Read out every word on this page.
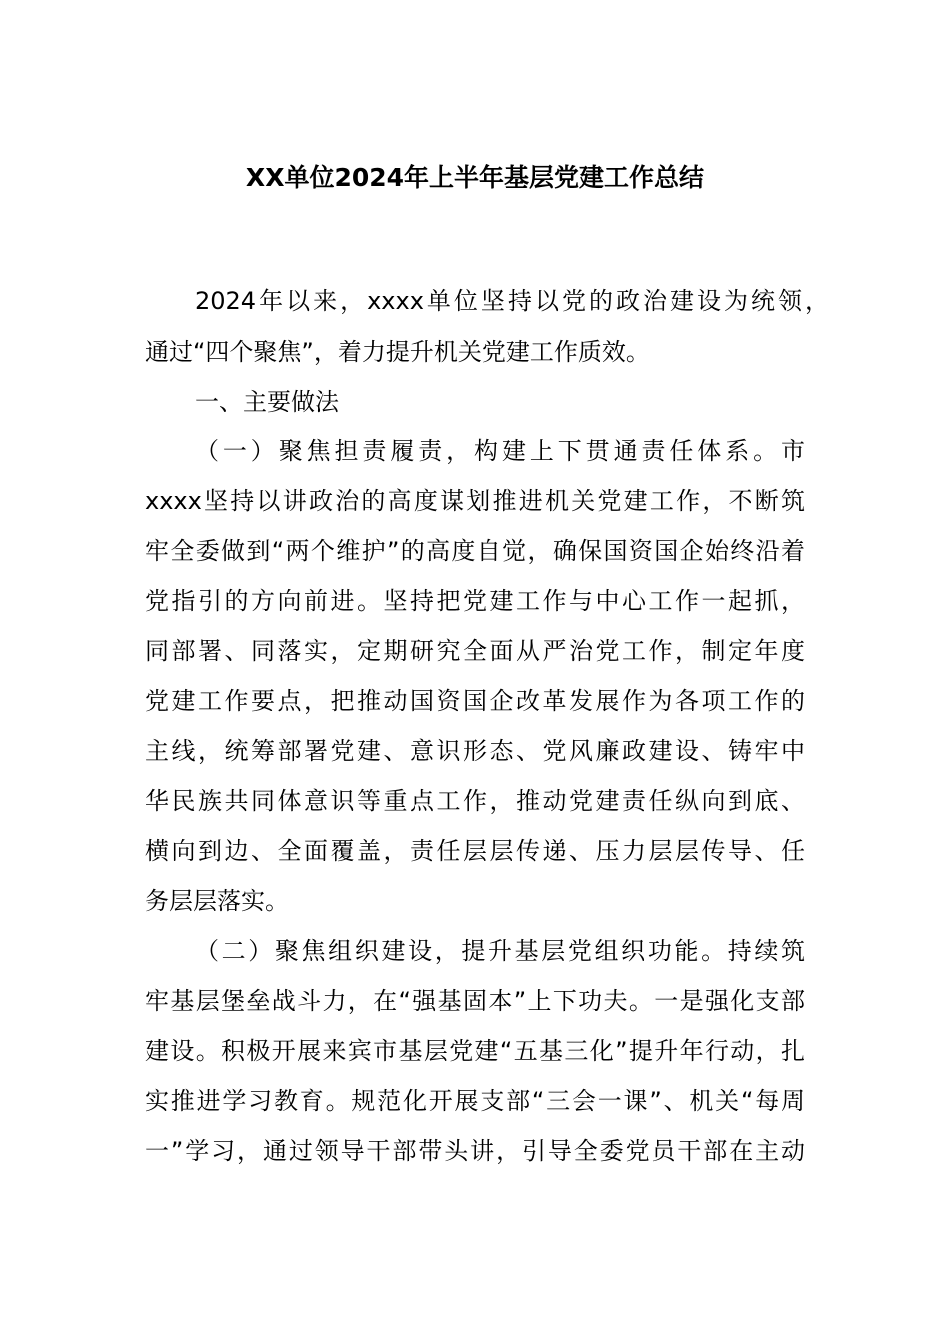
XX单位2024年上半年基层党建工作总结
2024年以来，xxxx单位坚持以党的政治建设为统领，
通过“四个聚焦”，着力提升机关党建工作质效。
一、主要做法
（一）聚焦担责履责，构建上下贯通责任体系。市
xxxx坚持以讲政治的高度谋划推进机关党建工作，不断筑
牢全委做到“两个维护”的高度自觉，确保国资国企始终沿着
党指引的方向前进。坚持把党建工作与中心工作一起抓，
同部署、同落实，定期研究全面从严治党工作，制定年度
党建工作要点，把推动国资国企改革发展作为各项工作的
主线，统筹部署党建、意识形态、党风廉政建设、铸牢中
华民族共同体意识等重点工作，推动党建责任纵向到底、
横向到边、全面覆盖，责任层层传递、压力层层传导、任
务层层落实。
（二）聚焦组织建设，提升基层党组织功能。持续筑
牢基层堡垒战斗力，在“强基固本”上下功夫。一是强化支部
建设。积极开展来宾市基层党建“五基三化”提升年行动，扎
实推进学习教育。规范化开展支部“三会一课”、机关“每周
一”学习，通过领导干部带头讲，引导全委党员干部在主动
